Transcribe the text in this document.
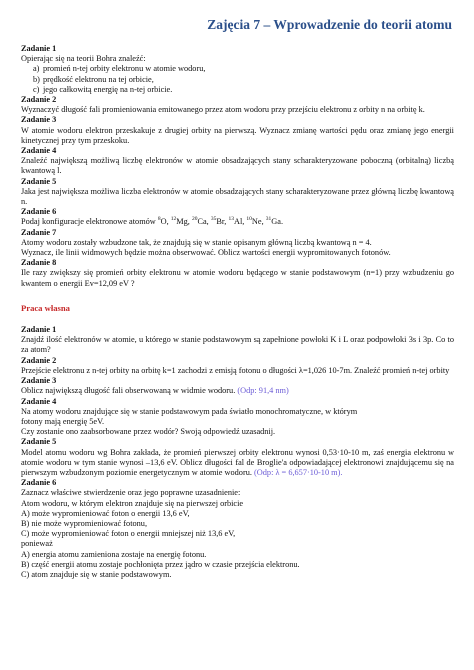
Zajęcia 7 – Wprowadzenie do teorii atomu

Zadanie 1

Opierając się na teorii Bohra znaleźć:

a) promień n-tej orbity elektronu w atomie wodoru,
b) prędkość elektronu na tej orbicie,
c) jego całkowitą energię na n-tej orbicie.

Zadanie 2

Wyznaczyć długość fali promieniowania emitowanego przez atom wodoru przy przejściu elektronu z orbity n na orbitę k.

Zadanie 3

W atomie wodoru elektron przeskakuje z drugiej orbity na pierwszą. Wyznacz zmianę wartości pędu oraz zmianę jego energii kinetycznej przy tym przeskoku.

Zadanie 4

Znaleźć największą możliwą liczbę elektronów w atomie obsadzających stany scharakteryzowane poboczną (orbitalną) liczbą kwantową l.

Zadanie 5

Jaka jest największa możliwa liczba elektronów w atomie obsadzających stany scharakteryzowane przez główną liczbę kwantową n.

Zadanie 6

Podaj konfiguracje elektronowe atomów $^8$O, $^{12}$Mg, $^{20}$Ca, $^{35}$Br, $^{13}$Al, $^{10}$Ne, $^{31}$Ga.

Zadanie 7

Atomy wodoru zostały wzbudzone tak, że znajdują się w stanie opisanym główną liczbą kwantową n = 4.

Wyznacz, ile linii widmowych będzie można obserwować. Oblicz wartości energii wypromitowanych fotonów.

Zadanie 8

Ile razy zwiększy się promień orbity elektronu w atomie wodoru będącego w stanie podstawowym (n=1) przy wzbudzeniu go kwantem o energii Ev=12,09 eV ?

Praca własna

Zadanie 1

Znajdź ilość elektronów w atomie, u którego w stanie podstawowym są zapełnione powłoki K i L oraz podpowłoki 3s i 3p. Co to za atom?

Zadanie 2

Przejście elektronu z n-tej orbity na orbitę k=1 zachodzi z emisją fotonu o długości λ=1,026 10-7m. Znaleźć promień n-tej orbity

Zadanie 3

Oblicz największą długość fali obserwowaną w widmie wodoru. (Odp: 91,4 nm)

Zadanie 4

Na atomy wodoru znajdujące się w stanie podstawowym pada światło monochromatyczne, w którym

fotony mają energię 5eV.

Czy zostanie ono zaabsorbowane przez wodór? Swoją odpowiedź uzasadnij.

Zadanie 5

Model atomu wodoru wg Bohra zakłada, że promień pierwszej orbity elektronu wynosi 0,53·10-10 m, zaś energia elektronu w atomie wodoru w tym stanie wynosi –13,6 eV. Oblicz długości fal de Broglie'a odpowiadającej elektronowi znajdującemu się na pierwszym wzbudzonym poziomie energetycznym w atomie wodoru. (Odp: λ = 6,657·10-10 m).

Zadanie 6

Zaznacz właściwe stwierdzenie oraz jego poprawne uzasadnienie:

Atom wodoru, w którym elektron znajduje się na pierwszej orbicie

A) może wypromieniować foton o energii 13,6 eV,

B) nie może wypromieniować fotonu,

C) może wypromieniować foton o energii mniejszej niż 13,6 eV,

ponieważ

A) energia atomu zamieniona zostaje na energię fotonu.

B) część energii atomu zostaje pochłonięta przez jądro w czasie przejścia elektronu.

C) atom znajduje się w stanie podstawowym.
